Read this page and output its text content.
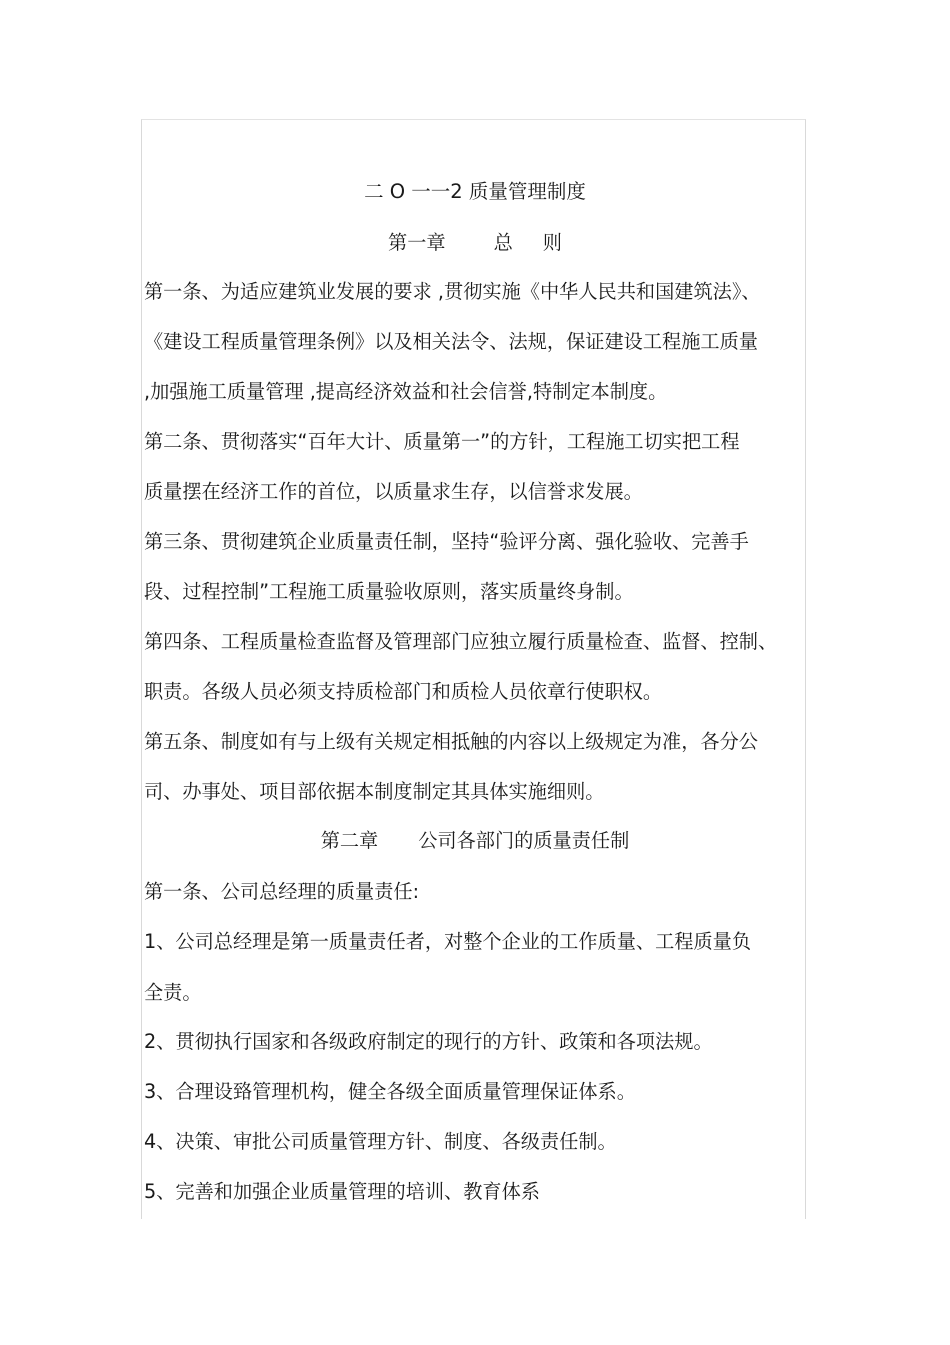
二 O 一一2 质量管理制度
第一章	总 则
第一条、为适应建筑业发展的要求 ,贯彻实施《中华人民共和国建筑法》、
《建设工程质量管理条例》以及相关法令、法规，保证建设工程施工质量
,加强施工质量管理 ,提高经济效益和社会信誉,特制定本制度。
第二条、贯彻落实“百年大计、质量第一”的方针，工程施工切实把工程
质量摆在经济工作的首位，以质量求生存，以信誉求发展。
第三条、贯彻建筑企业质量责任制，坚持“验评分离、强化验收、完善手
段、过程控制”工程施工质量验收原则，落实质量终身制。
第四条、工程质量检查监督及管理部门应独立履行质量检查、监督、控制、
职责。各级人员必须支持质检部门和质检人员依章行使职权。
第五条、制度如有与上级有关规定相抵触的内容以上级规定为准，各分公
司、办事处、项目部依据本制度制定其具体实施细则。
第二章 公司各部门的质量责任制
第一条、公司总经理的质量责任:
1、公司总经理是第一质量责任者，对整个企业的工作质量、工程质量负
全责。
2、贯彻执行国家和各级政府制定的现行的方针、政策和各项法规。
3、合理设臵管理机构，健全各级全面质量管理保证体系。
4、决策、审批公司质量管理方针、制度、各级责任制。
5、完善和加强企业质量管理的培训、教育体系
